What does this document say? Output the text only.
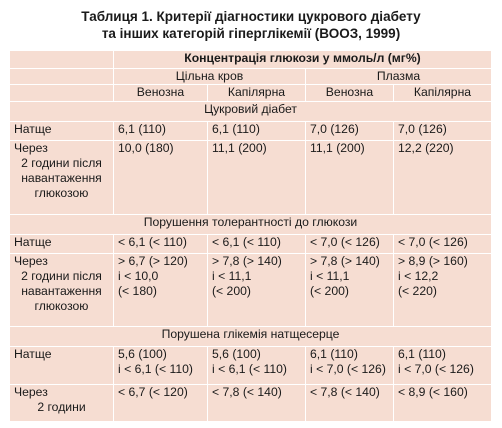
Таблиця 1. Критерії діагностики цукрового діабету
та інших категорій гіперглікемії (ВООЗ, 1999)
	Концентрація глюкози у ммоль/л (мг%)			
	Цільна кров		Плазма	
	Венозна	Капілярна	Венозна	Капілярна
Цукровий діабет				

Натще	6,1 (110)	6,1 (110)	7,0 (126)	7,0 (126)

Через
2 години після
навантаження
глюкозою	10,0 (180)	11,1 (200)	11,1 (200)	12,2 (220)

Порушення толерантності до глюкози				

Натще	< 6,1 (< 110)	< 6,1 (< 110)	< 7,0 (< 126)	< 7,0 (< 126)

Через
2 години після
навантаження
глюкозою	> 6,7 (> 120)
і < 10,0
(< 180)	> 7,8 (> 140)
і < 11,1
(< 200)	> 7,8 (> 140)
і < 11,1
(< 200)	> 8,9 (> 160)
і < 12,2
(< 220)

Порушена глікемія натщесерце				

Натще	5,6 (100)
і < 6,1 (< 110)	5,6 (100)
і < 6,1 (< 110)	6,1 (110)
і < 7,0 (< 126)	6,1 (110)
і < 7,0 (< 126)

Через
2 години	< 6,7 (< 120)	< 7,8 (< 140)	< 7,8 (< 140)	< 8,9 (< 160)
